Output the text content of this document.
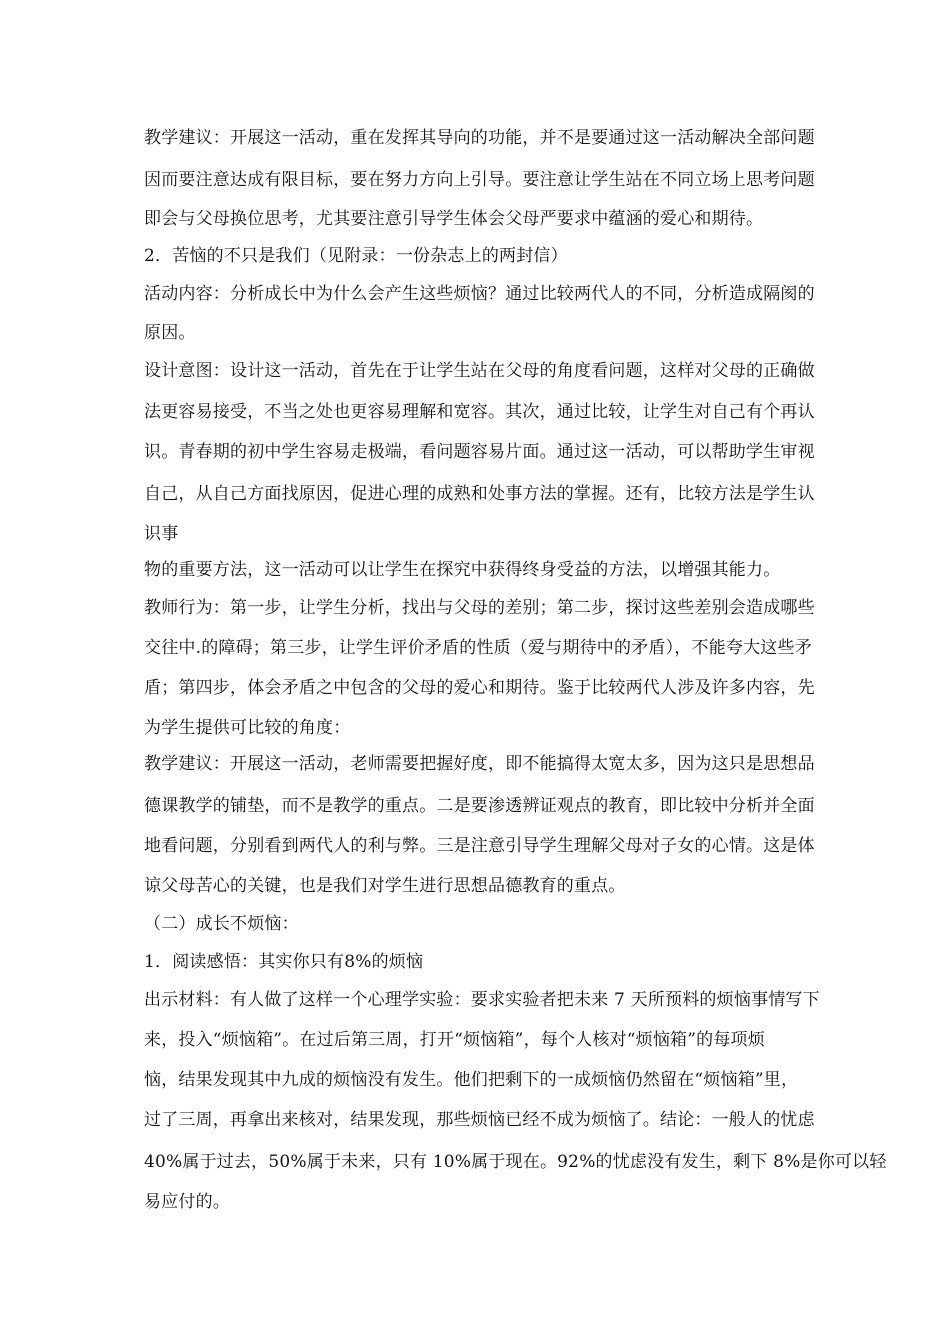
教学建议：开展这一活动，重在发挥其导向的功能，并不是要通过这一活动解决全部问题
因而要注意达成有限目标，要在努力方向上引导。要注意让学生站在不同立场上思考问题
即会与父母换位思考，尤其要注意引导学生体会父母严要求中蕴涵的爱心和期待。
2．苦恼的不只是我们（见附录：一份杂志上的两封信）
活动内容：分析成长中为什么会产生这些烦恼？通过比较两代人的不同，分析造成隔阂的
原因。
设计意图：设计这一活动，首先在于让学生站在父母的角度看问题，这样对父母的正确做
法更容易接受，不当之处也更容易理解和宽容。其次，通过比较，让学生对自己有个再认
识。青春期的初中学生容易走极端，看问题容易片面。通过这一活动，可以帮助学生审视
自己，从自己方面找原因，促进心理的成熟和处事方法的掌握。还有，比较方法是学生认
识事
物的重要方法，这一活动可以让学生在探究中获得终身受益的方法，以增强其能力。
教师行为：第一步，让学生分析，找出与父母的差别；第二步，探讨这些差别会造成哪些
交往中.的障碍；第三步，让学生评价矛盾的性质（爱与期待中的矛盾），不能夸大这些矛
盾；第四步，体会矛盾之中包含的父母的爱心和期待。鉴于比较两代人涉及许多内容，先
为学生提供可比较的角度：
教学建议：开展这一活动，老师需要把握好度，即不能搞得太宽太多，因为这只是思想品
德课教学的铺垫，而不是教学的重点。二是要渗透辨证观点的教育，即比较中分析并全面
地看问题，分别看到两代人的利与弊。三是注意引导学生理解父母对子女的心情。这是体
谅父母苦心的关键，也是我们对学生进行思想品德教育的重点。
（二）成长不烦恼：
1．阅读感悟：其实你只有8%的烦恼
出示材料：有人做了这样一个心理学实验：要求实验者把未来 7 天所预料的烦恼事情写下
来，投入“烦恼箱”。在过后第三周，打开“烦恼箱”，每个人核对“烦恼箱”的每项烦
恼，结果发现其中九成的烦恼没有发生。他们把剩下的一成烦恼仍然留在“烦恼箱”里，
过了三周，再拿出来核对，结果发现，那些烦恼已经不成为烦恼了。结论：一般人的忧虑
40%属于过去，50%属于未来，只有 10%属于现在。92%的忧虑没有发生，剩下 8%是你可以轻
易应付的。
